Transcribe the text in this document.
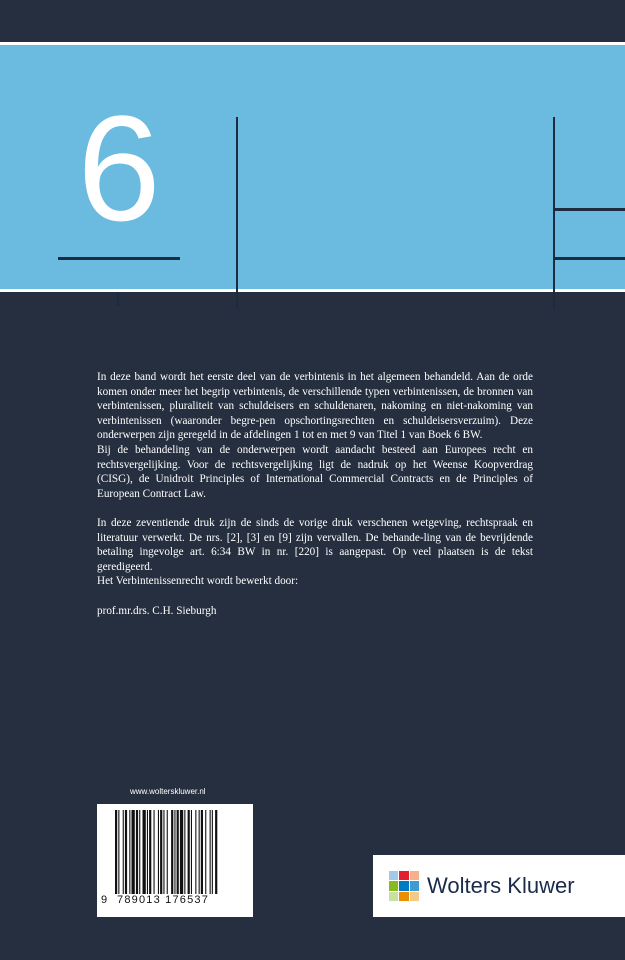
6
I

In deze band wordt het eerste deel van de verbintenis in het algemeen behandeld. Aan de orde komen onder meer het begrip verbintenis, de verschillende typen verbintenissen, de bronnen van verbintenissen, pluraliteit van schuldeisers en schuldenaren, nakoming en niet-nakoming van verbintenissen (waaronder begre-pen opschortingsrechten en schuldeisersverzuim). Deze onderwerpen zijn geregeld in de afdelingen 1 tot en met 9 van Titel 1 van Boek 6 BW.

Bij de behandeling van de onderwerpen wordt aandacht besteed aan Europees recht en rechtsvergelijking. Voor de rechtsvergelijking ligt de nadruk op het Weense Koopverdrag (CISG), de Unidroit Principles of International Commercial Contracts en de Principles of European Contract Law.

In deze zeventiende druk zijn de sinds de vorige druk verschenen wetgeving, rechtspraak en literatuur verwerkt. De nrs. [2], [3] en [9] zijn vervallen. De behande-ling van de bevrijdende betaling ingevolge art. 6:34 BW in nr. [220] is aangepast. Op veel plaatsen is de tekst geredigeerd.

Het Verbintenissenrecht wordt bewerkt door:

prof.mr.drs. C.H. Sieburgh

www.wolterskluwer.nl
9 789013 176537
Wolters Kluwer
